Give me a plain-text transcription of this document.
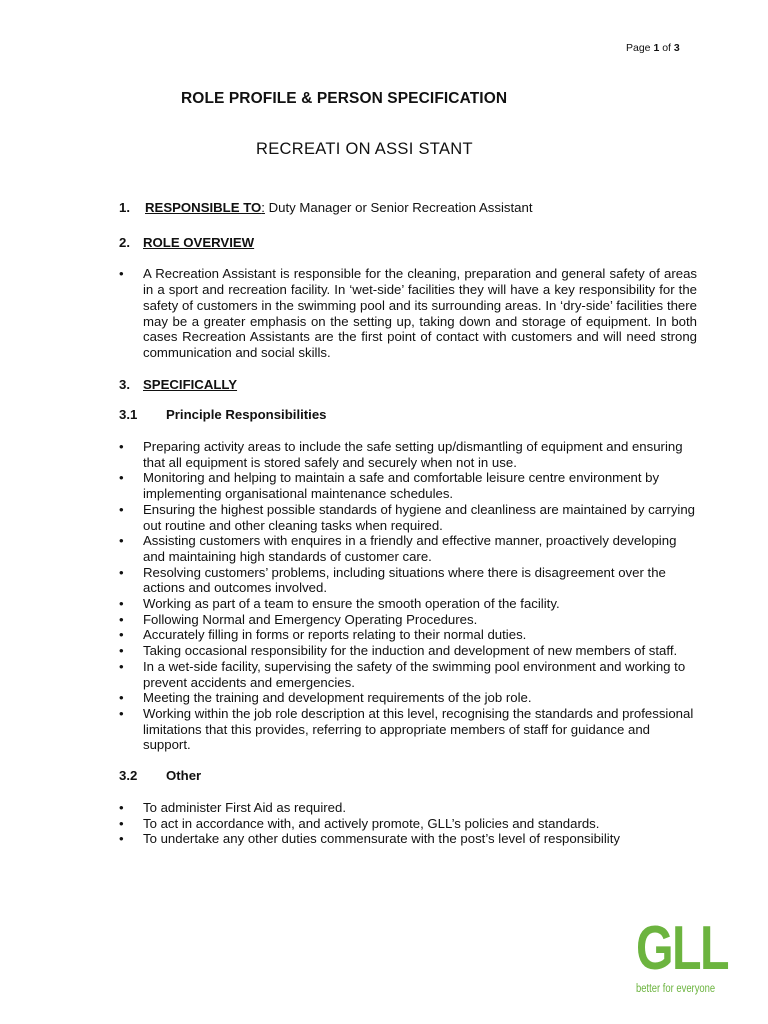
Page 1 of 3
ROLE PROFILE & PERSON SPECIFICATION
RECREATI ON ASSI STANT
1. RESPONSIBLE TO: Duty Manager or Senior Recreation Assistant
2. ROLE OVERVIEW
• A Recreation Assistant is responsible for the cleaning, preparation and general safety of areas in a sport and recreation facility. In ‘wet-side’ facilities they will have a key responsibility for the safety of customers in the swimming pool and its surrounding areas. In ‘dry-side’ facilities there may be a greater emphasis on the setting up, taking down and storage of equipment. In both cases Recreation Assistants are the first point of contact with customers and will need strong communication and social skills.
3. SPECIFICALLY
3.1	Principle Responsibilities
• Preparing activity areas to include the safe setting up/dismantling of equipment and ensuring that all equipment is stored safely and securely when not in use.
• Monitoring and helping to maintain a safe and comfortable leisure centre environment by implementing organisational maintenance schedules.
• Ensuring the highest possible standards of hygiene and cleanliness are maintained by carrying out routine and other cleaning tasks when required.
• Assisting customers with enquires in a friendly and effective manner, proactively developing and maintaining high standards of customer care.
• Resolving customers’ problems, including situations where there is disagreement over the actions and outcomes involved.
• Working as part of a team to ensure the smooth operation of the facility.
• Following Normal and Emergency Operating Procedures.
• Accurately filling in forms or reports relating to their normal duties.
• Taking occasional responsibility for the induction and development of new members of staff.
• In a wet-side facility, supervising the safety of the swimming pool environment and working to prevent accidents and emergencies.
• Meeting the training and development requirements of the job role.
• Working within the job role description at this level, recognising the standards and professional limitations that this provides, referring to appropriate members of staff for guidance and support.
3.2	Other
• To administer First Aid as required.
• To act in accordance with, and actively promote, GLL’s policies and standards.
• To undertake any other duties commensurate with the post’s level of responsibility
GLL
better for everyone
